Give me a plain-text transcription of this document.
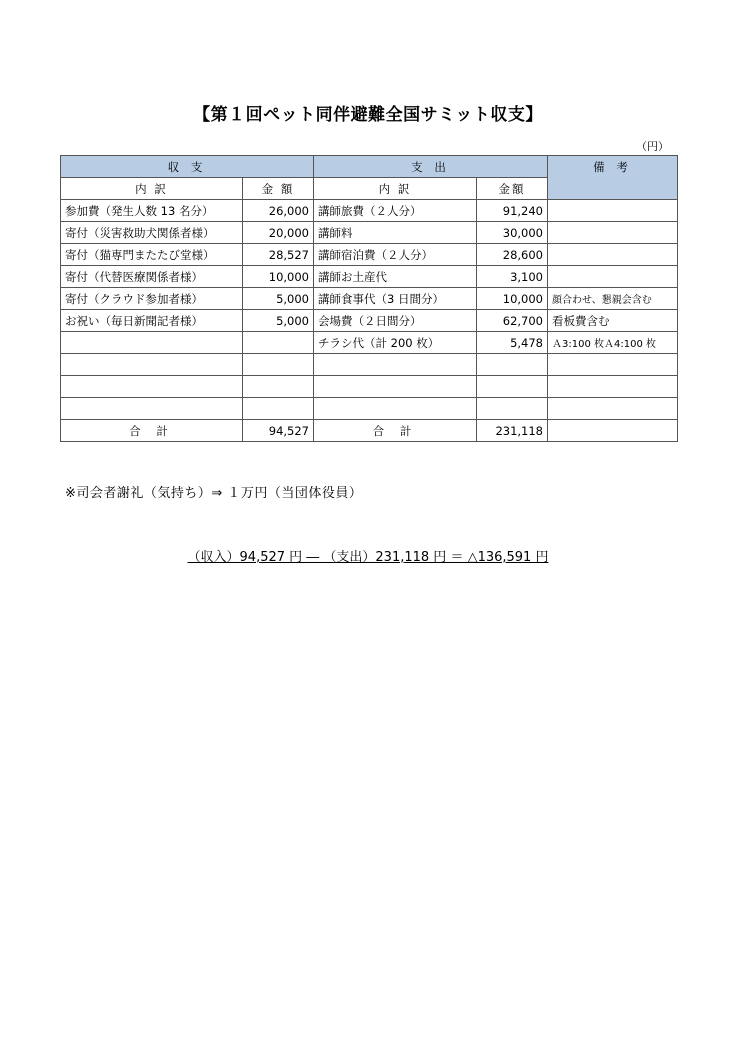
【第１回ペット同伴避難全国サミット収支】
（円）
収 支		支 出		備 考
内 訳	金 額	内 訳	金額	
参加費（発生人数 13 名分）	26,000	講師旅費（２人分）	91,240	
寄付（災害救助犬関係者様）	20,000	講師料	30,000	
寄付（猫専門またたび堂様）	28,527	講師宿泊費（２人分）	28,600	
寄付（代替医療関係者様）	10,000	講師お土産代	3,100	
寄付（クラウド参加者様）	5,000	講師食事代（3 日間分）	10,000	顔合わせ、懇親会含む
お祝い（毎日新聞記者様）	5,000	会場費（２日間分）	62,700	看板費含む
		チラシ代（計 200 枚）	5,478	Ａ3:100 枚Ａ4:100 枚

合 計	94,527	合 計	231,118	
※司会者謝礼（気持ち）⇒ １万円（当団体役員）
（収入）94,527 円 ― （支出）231,118 円 ＝ △136,591 円
